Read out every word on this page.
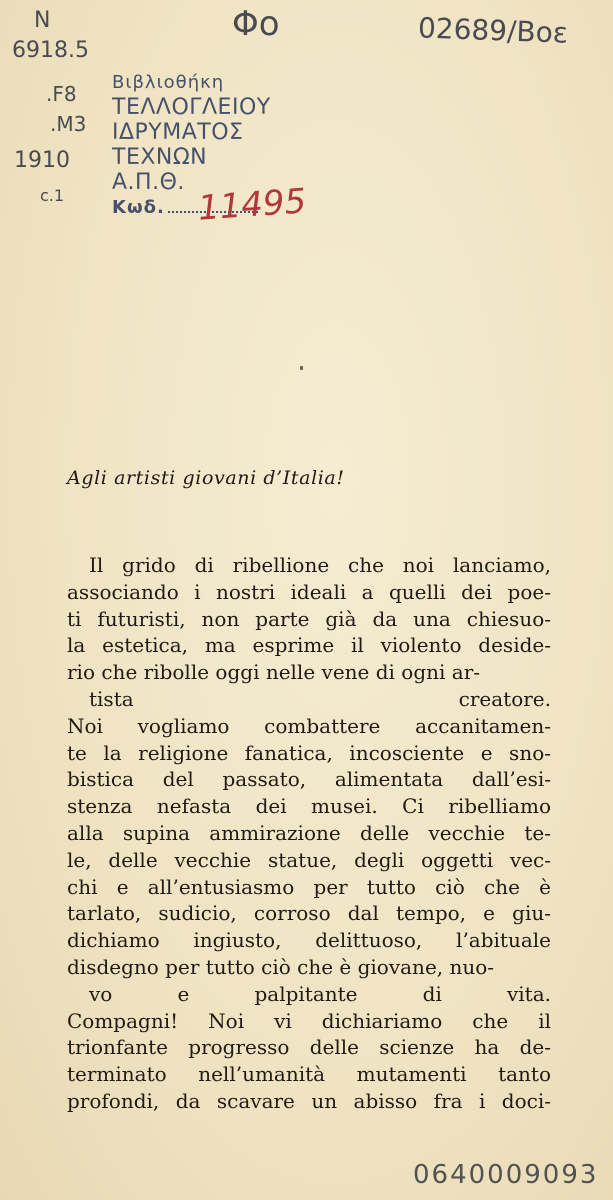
N
6918.5
.F8
.M3
1910
c.1
Φο	02689/Βοε
Βιβλιοθήκη
ΤΕΛΛΟΓΛΕΙΟΥ
ΙΔΡΥΜΑΤΟΣ
ΤΕΧΝΩΝ
Α.Π.Θ.
Κωδ. 11495
Agli artisti giovani d’Italia!
Il grido di ribellione che noi lanciamo,
associando i nostri ideali a quelli dei poe-
ti futuristi, non parte già da una chiesuo-
la estetica, ma esprime il violento deside-
rio che ribolle oggi nelle vene di ogni ar-
tista creatore.
Noi vogliamo combattere accanitamen-
te la religione fanatica, incosciente e sno-
bistica del passato, alimentata dall’esi-
stenza nefasta dei musei. Ci ribelliamo
alla supina ammirazione delle vecchie te-
le, delle vecchie statue, degli oggetti vec-
chi e all’entusiasmo per tutto ciò che è
tarlato, sudicio, corroso dal tempo, e giu-
dichiamo ingiusto, delittuoso, l’abituale
disdegno per tutto ciò che è giovane, nuo-
vo e palpitante di vita.
Compagni! Noi vi dichiariamo che il
trionfante progresso delle scienze ha de-
terminato nell’umanità mutamenti tanto
profondi, da scavare un abisso fra i doci-
0640009093
